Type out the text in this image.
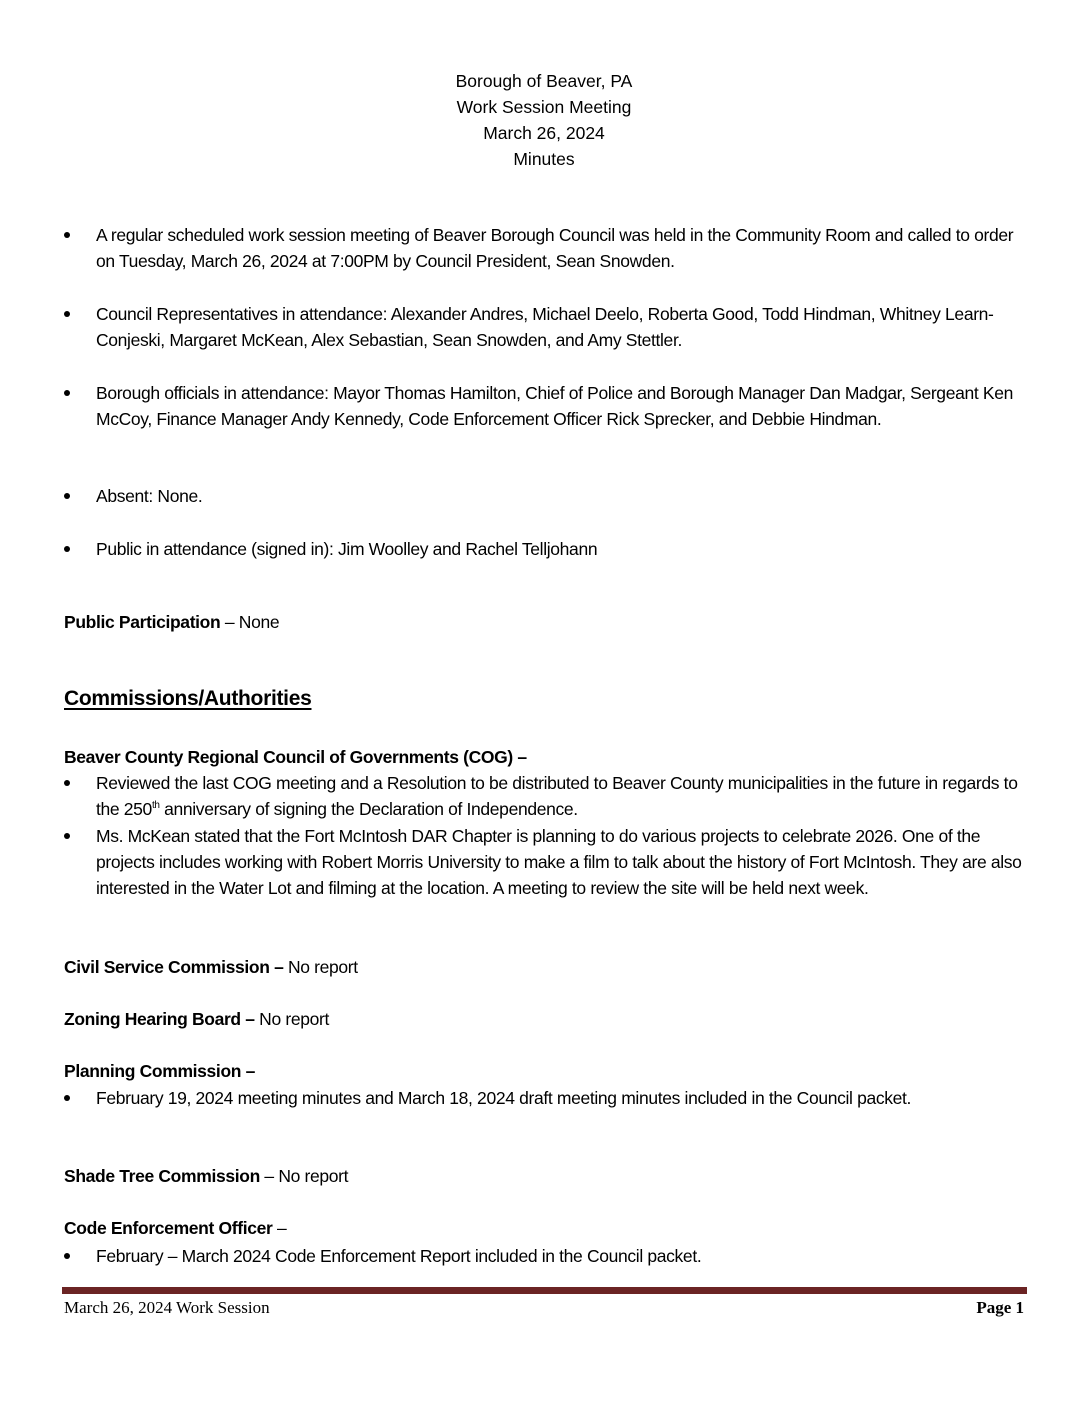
Borough of Beaver, PA
Work Session Meeting
March 26, 2024
Minutes
A regular scheduled work session meeting of Beaver Borough Council was held in the Community Room and called to order on Tuesday, March 26, 2024 at 7:00PM by Council President, Sean Snowden.
Council Representatives in attendance: Alexander Andres, Michael Deelo, Roberta Good, Todd Hindman, Whitney Learn-Conjeski, Margaret McKean, Alex Sebastian, Sean Snowden, and Amy Stettler.
Borough officials in attendance: Mayor Thomas Hamilton, Chief of Police and Borough Manager Dan Madgar, Sergeant Ken McCoy, Finance Manager Andy Kennedy, Code Enforcement Officer Rick Sprecker, and Debbie Hindman.
Absent: None.
Public in attendance (signed in): Jim Woolley and Rachel Telljohann
Public Participation – None
Commissions/Authorities
Beaver County Regional Council of Governments (COG) –
Reviewed the last COG meeting and a Resolution to be distributed to Beaver County municipalities in the future in regards to the 250th anniversary of signing the Declaration of Independence.
Ms. McKean stated that the Fort McIntosh DAR Chapter is planning to do various projects to celebrate 2026. One of the projects includes working with Robert Morris University to make a film to talk about the history of Fort McIntosh. They are also interested in the Water Lot and filming at the location. A meeting to review the site will be held next week.
Civil Service Commission – No report
Zoning Hearing Board – No report
Planning Commission –
February 19, 2024 meeting minutes and March 18, 2024 draft meeting minutes included in the Council packet.
Shade Tree Commission – No report
Code Enforcement Officer –
February – March 2024 Code Enforcement Report included in the Council packet.
March 26, 2024 Work Session	Page 1
